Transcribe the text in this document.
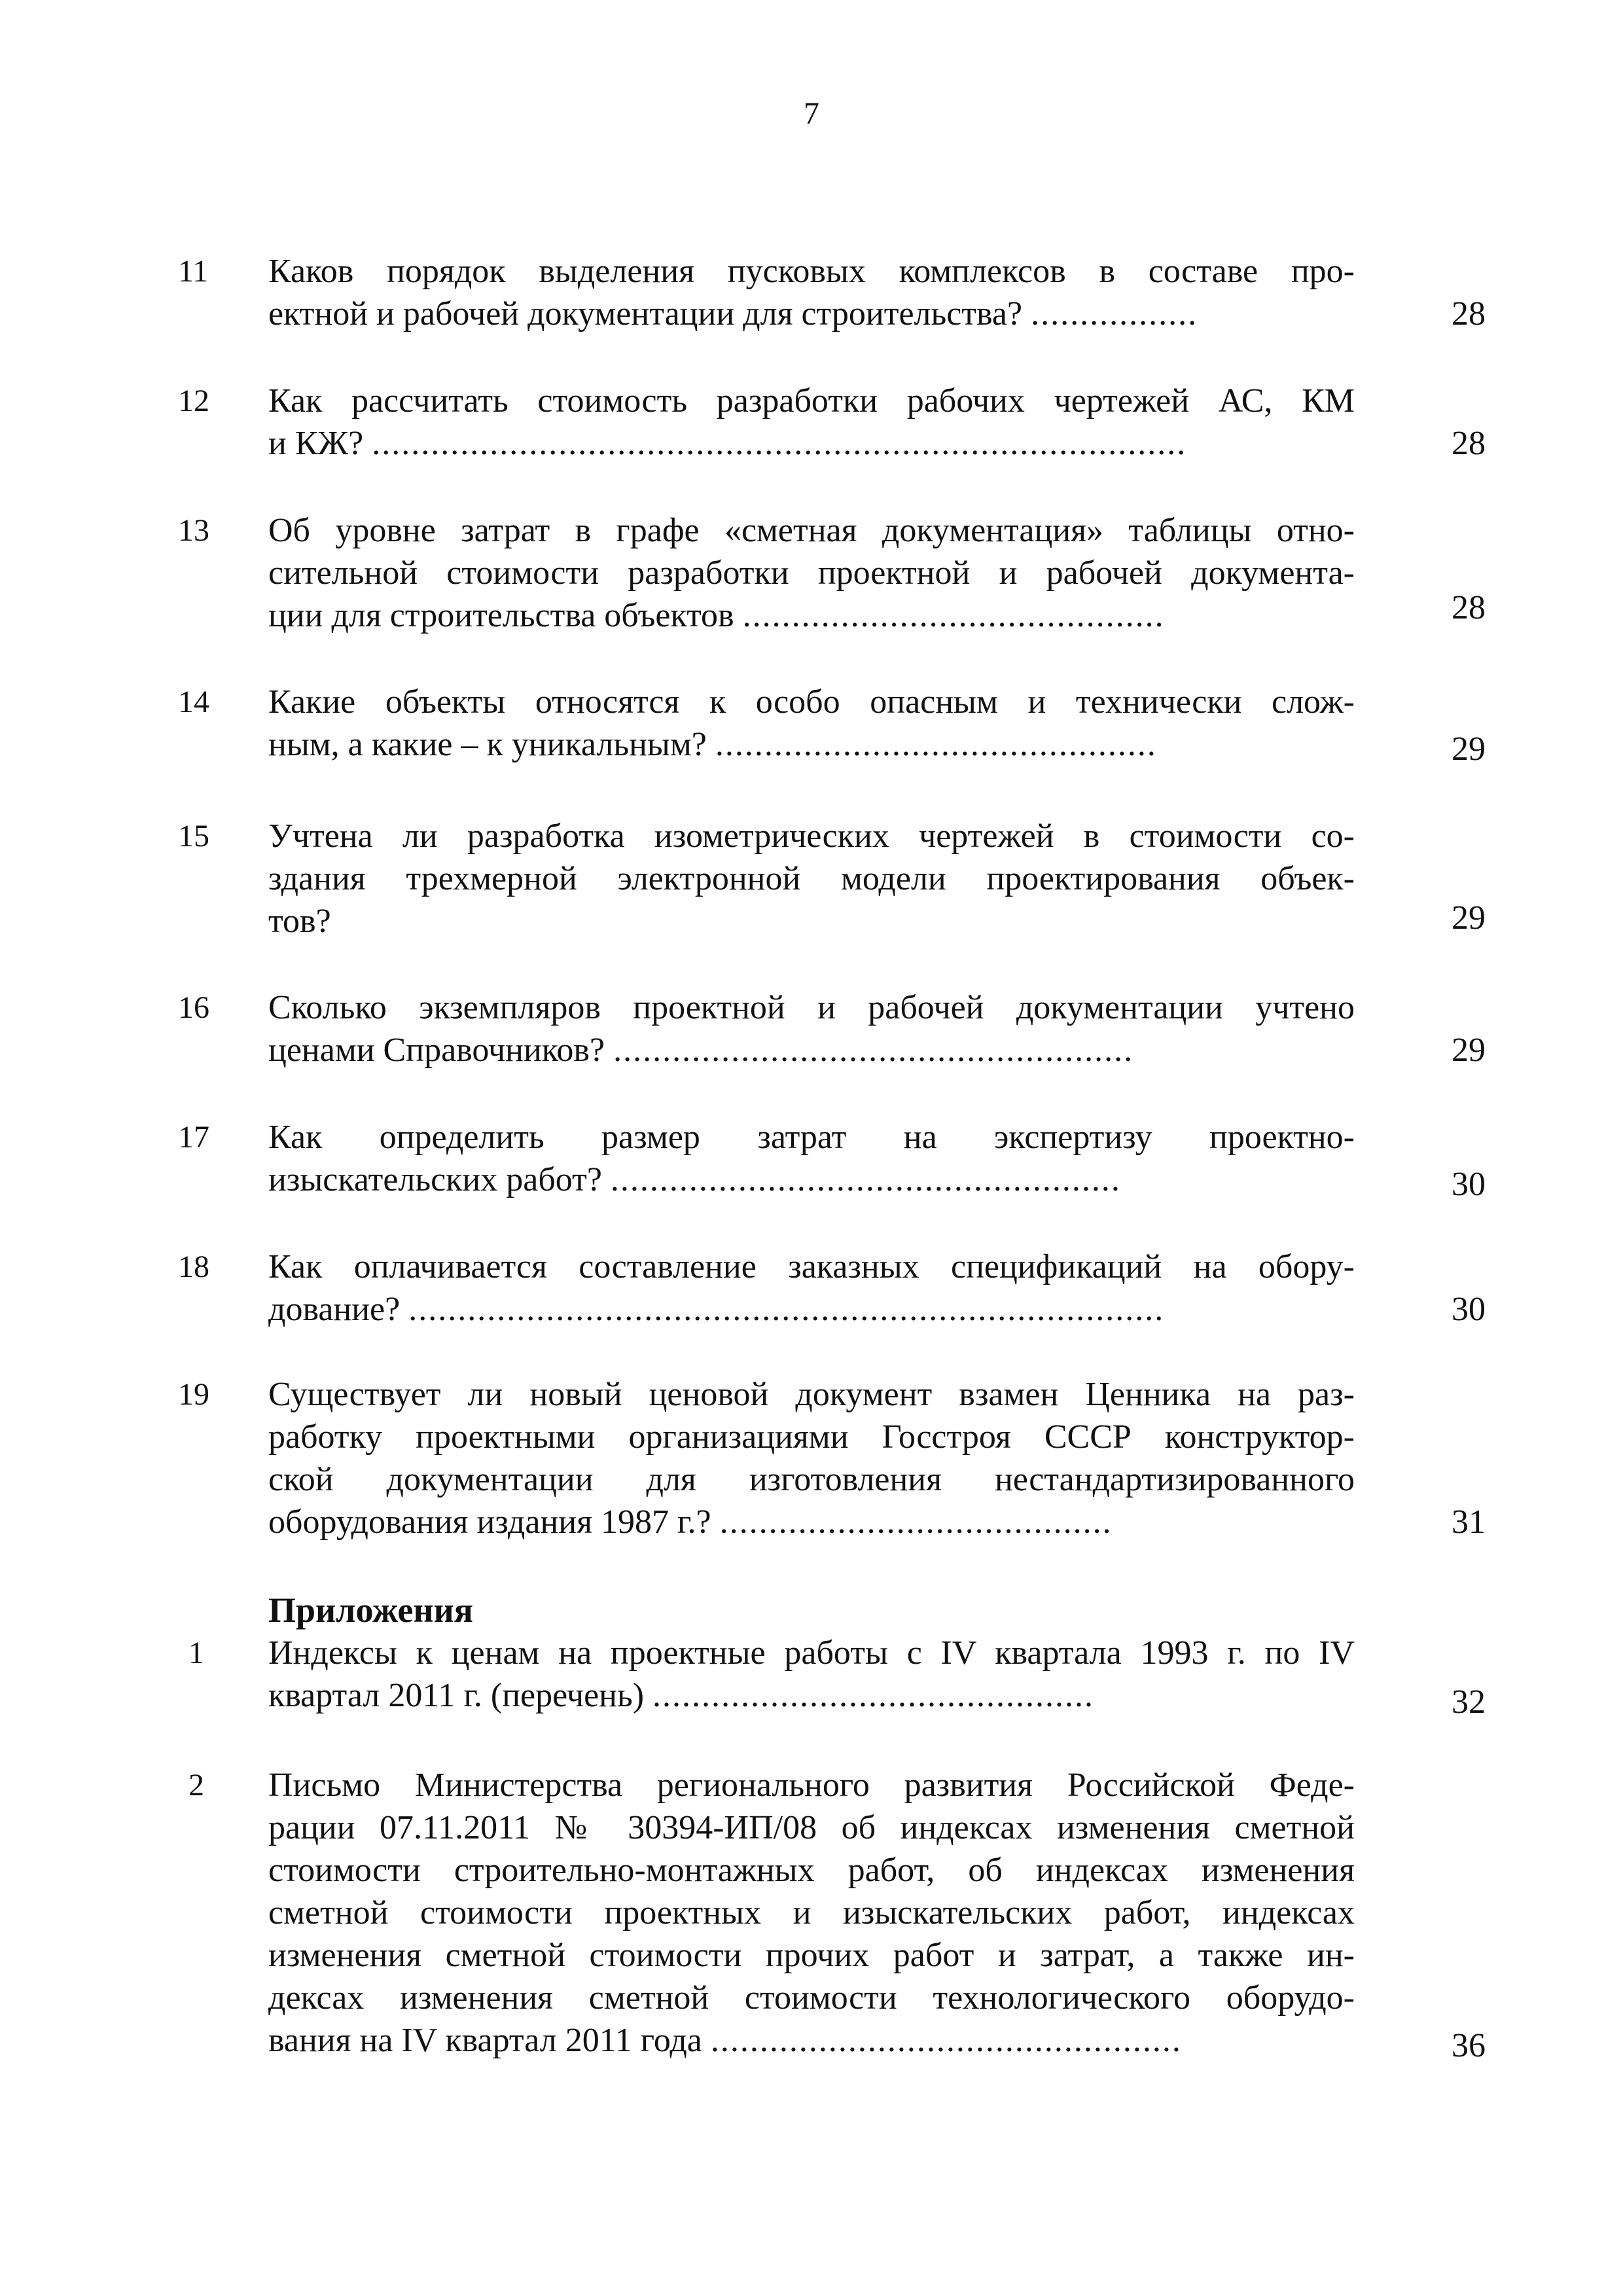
7
11	Каков порядок выделения пусковых комплексов в составе про-
ектной и рабочей документации для строительства? .................	28
12	Как рассчитать стоимость разработки рабочих чертежей АС, КМ
и КЖ? ...................................................................................	28
13	Об уровне затрат в графе «сметная документация» таблицы отно-
сительной стоимости разработки проектной и рабочей документа-
ции для строительства объектов ...........................................	28
14	Какие объекты относятся к особо опасным и технически слож-
ным, а какие – к уникальным? .............................................	29
15	Учтена ли разработка изометрических чертежей в стоимости со-
здания трехмерной электронной модели проектирования объек-
тов?	29
16	Сколько экземпляров проектной и рабочей документации учтено
ценами Справочников? .....................................................	29
17	Как определить размер затрат на экспертизу проектно-
изыскательских работ? ....................................................	30
18	Как оплачивается составление заказных спецификаций на обору-
дование? .............................................................................	30
19	Существует ли новый ценовой документ взамен Ценника на раз-
работку проектными организациями Госстроя СССР конструктор-
ской документации для изготовления нестандартизированного
оборудования издания 1987 г.? ........................................	31
Приложения
1	Индексы к ценам на проектные работы с IV квартала 1993 г. по IV
квартал 2011 г. (перечень) .............................................	32
2	Письмо Министерства регионального развития Российской Феде-
рации 07.11.2011 № 30394-ИП/08 об индексах изменения сметной
стоимости строительно-монтажных работ, об индексах изменения
сметной стоимости проектных и изыскательских работ, индексах
изменения сметной стоимости прочих работ и затрат, а также ин-
дексах изменения сметной стоимости технологического оборудо-
вания на IV квартал 2011 года ................................................	36
